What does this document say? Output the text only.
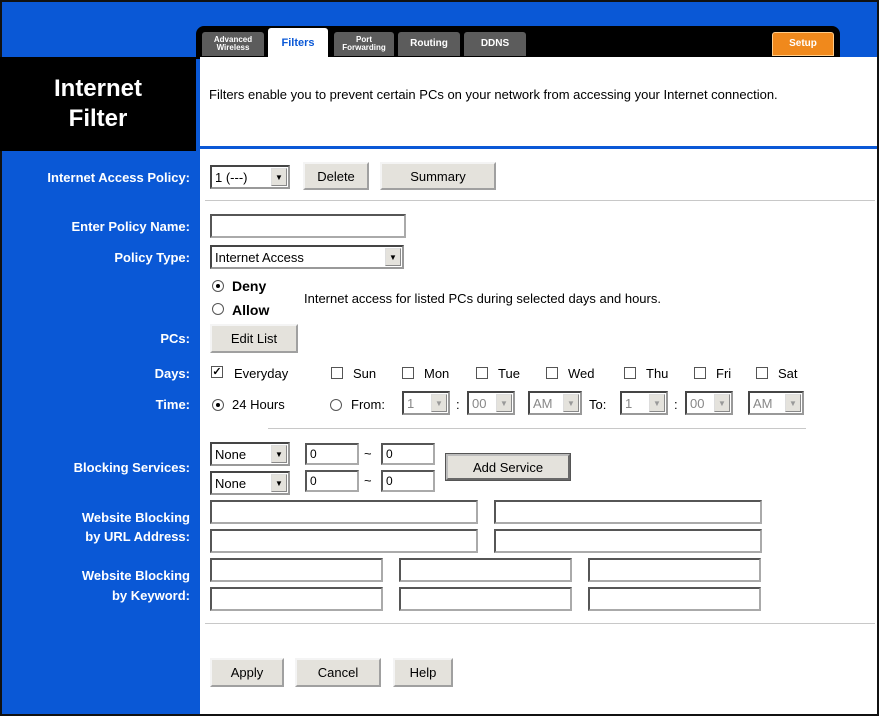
Advanced
Wireless	Filters	Port
Forwarding Routing	DDNS	Setup
Internet
Filter
Filters enable you to prevent certain PCs on your network from accessing your Internet connection.
Internet Access Policy: 1 (---)	▼	Delete	Summary
Enter Policy Name:
Policy Type: Internet Access	▼
Deny
Allow
Internet access for listed PCs during selected days and hours.
PCs:	Edit List
Days: ✓ Everyday	Sun	Mon	Tue	Wed	Thu	Fri	Sat
Time:	24 Hours	From: 1	▼	: 00	▼	AM	▼	To: 1	▼	: 00	▼	AM	▼
Blocking Services:
None	▼	0	~	0
None	▼	0	~	0
Add Service
Website Blocking
by URL Address:
Website Blocking
by Keyword:
Apply	Cancel	Help
